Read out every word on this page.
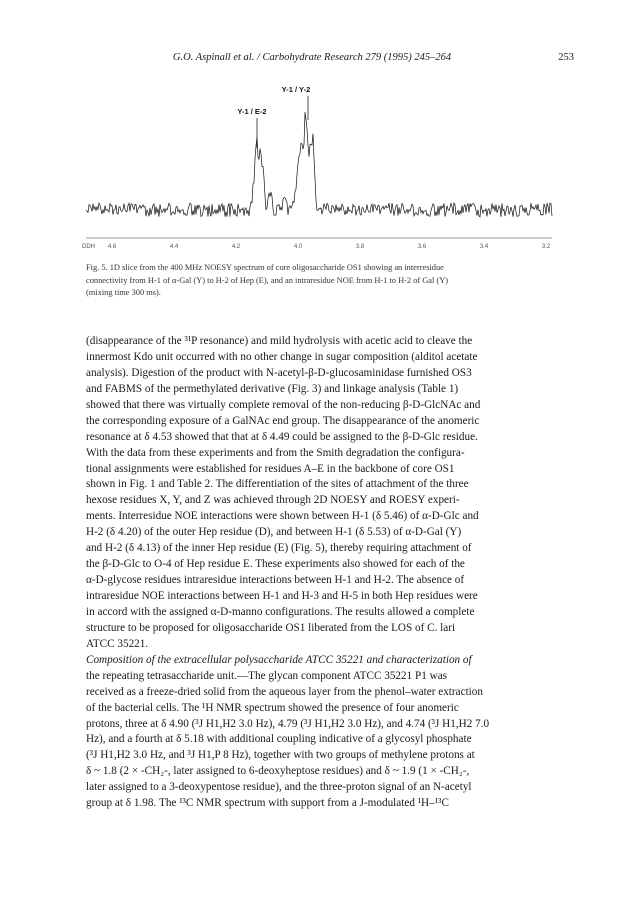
G.O. Aspinall et al. / Carbohydrate Research 279 (1995) 245–264	253
Y-1 / Y-2
Y-1 / E-2
DDH 4.6	4.4	4.2	4.0	3.8	3.6	3.4	3.2
Fig. 5. 1D slice from the 400 MHz NOESY spectrum of core oligosaccharide OS1 showing an interresidue
connectivity from H-1 of α-Gal (Y) to H-2 of Hep (E), and an intraresidue NOE from H-1 to H-2 of Gal (Y)
(mixing time 300 ms).
(disappearance of the ³¹P resonance) and mild hydrolysis with acetic acid to cleave the
innermost Kdo unit occurred with no other change in sugar composition (alditol acetate
analysis). Digestion of the product with N-acetyl-β-D-glucosaminidase furnished OS3
and FABMS of the permethylated derivative (Fig. 3) and linkage analysis (Table 1)
showed that there was virtually complete removal of the non-reducing β-D-GlcNAc and
the corresponding exposure of a GalNAc end group. The disappearance of the anomeric
resonance at δ 4.53 showed that that at δ 4.49 could be assigned to the β-D-Glc residue.
With the data from these experiments and from the Smith degradation the configura-
tional assignments were established for residues A–E in the backbone of core OS1
shown in Fig. 1 and Table 2. The differentiation of the sites of attachment of the three
hexose residues X, Y, and Z was achieved through 2D NOESY and ROESY experi-
ments. Interresidue NOE interactions were shown between H-1 (δ 5.46) of α-D-Glc and
H-2 (δ 4.20) of the outer Hep residue (D), and between H-1 (δ 5.53) of α-D-Gal (Y)
and H-2 (δ 4.13) of the inner Hep residue (E) (Fig. 5), thereby requiring attachment of
the β-D-Glc to O-4 of Hep residue E. These experiments also showed for each of the
α-D-glycose residues intraresidue interactions between H-1 and H-2. The absence of
intraresidue NOE interactions between H-1 and H-3 and H-5 in both Hep residues were
in accord with the assigned α-D-manno configurations. The results allowed a complete
structure to be proposed for oligosaccharide OS1 liberated from the LOS of C. lari
ATCC 35221.
Composition of the extracellular polysaccharide ATCC 35221 and characterization of
the repeating tetrasaccharide unit.—The glycan component ATCC 35221 P1 was
received as a freeze-dried solid from the aqueous layer from the phenol–water extraction
of the bacterial cells. The ¹H NMR spectrum showed the presence of four anomeric
protons, three at δ 4.90 (³J H1,H2 3.0 Hz), 4.79 (³J H1,H2 3.0 Hz), and 4.74 (³J H1,H2 7.0
Hz), and a fourth at δ 5.18 with additional coupling indicative of a glycosyl phosphate
(³J H1,H2 3.0 Hz, and ³J H1,P 8 Hz), together with two groups of methylene protons at
δ ~ 1.8 (2 × -CH₂-, later assigned to 6-deoxyheptose residues) and δ ~ 1.9 (1 × -CH₂-,
later assigned to a 3-deoxypentose residue), and the three-proton signal of an N-acetyl
group at δ 1.98. The ¹³C NMR spectrum with support from a J-modulated ¹H–¹³C
